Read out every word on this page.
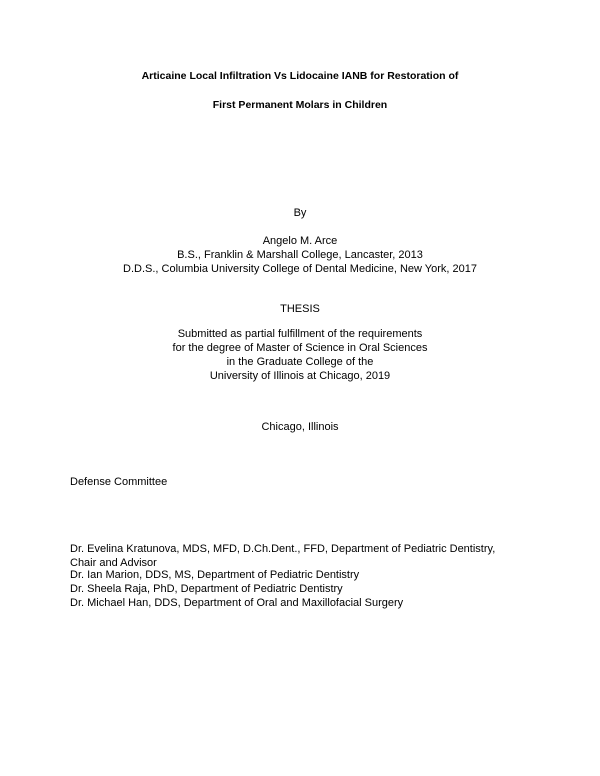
Articaine Local Infiltration Vs Lidocaine IANB for Restoration of
First Permanent Molars in Children
By
Angelo M. Arce
B.S., Franklin & Marshall College, Lancaster, 2013
D.D.S., Columbia University College of Dental Medicine, New York, 2017
THESIS
Submitted as partial fulfillment of the requirements
for the degree of Master of Science in Oral Sciences
in the Graduate College of the
University of Illinois at Chicago, 2019
Chicago, Illinois
Defense Committee
Dr. Evelina Kratunova, MDS, MFD, D.Ch.Dent., FFD, Department of Pediatric Dentistry,
Chair and Advisor
Dr. Ian Marion, DDS, MS, Department of Pediatric Dentistry
Dr. Sheela Raja, PhD, Department of Pediatric Dentistry
Dr. Michael Han, DDS, Department of Oral and Maxillofacial Surgery
